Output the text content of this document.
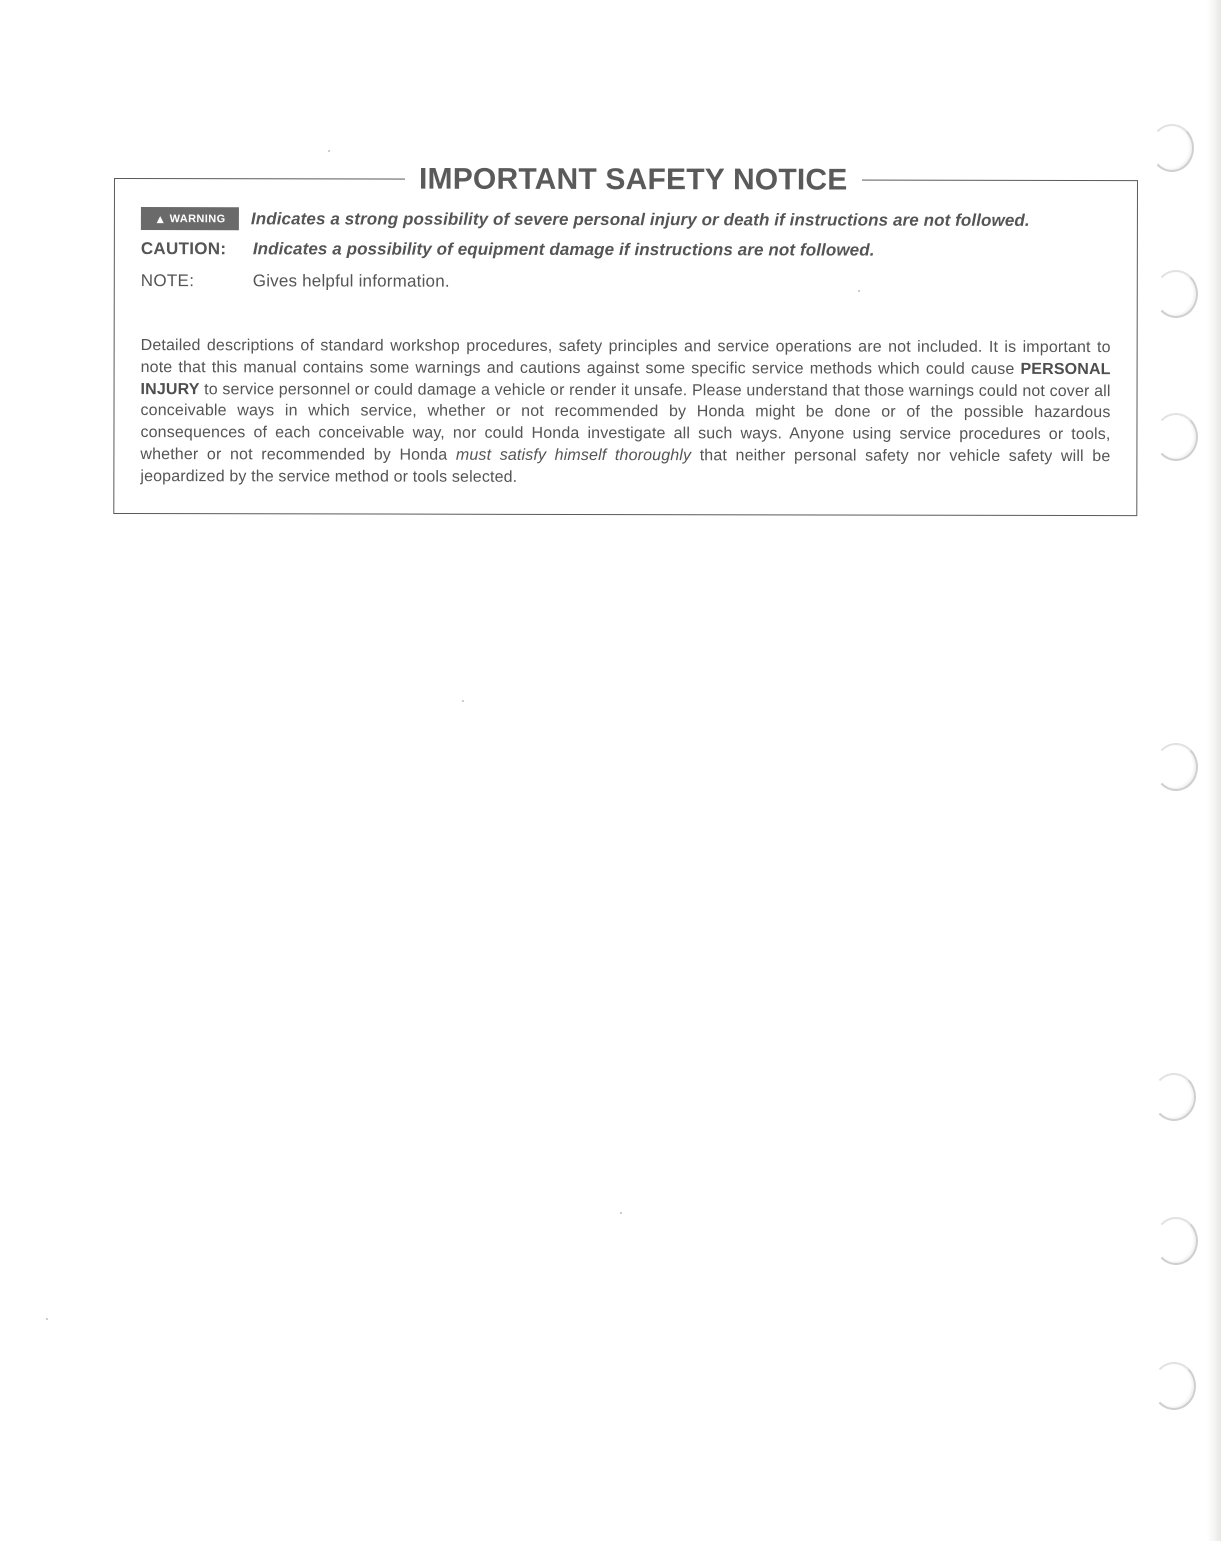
IMPORTANT SAFETY NOTICE
▲ WARNING Indicates a strong possibility of severe personal injury or death if instructions are not followed.
CAUTION:	Indicates a possibility of equipment damage if instructions are not followed.
NOTE:	Gives helpful information.

Detailed descriptions of standard workshop procedures, safety principles and service operations are not included. It is important to note that this manual contains some warnings and cautions against some specific service methods which could cause PERSONAL INJURY to service personnel or could damage a vehicle or render it unsafe. Please understand that those warnings could not cover all conceivable ways in which service, whether or not recommended by Honda might be done or of the possible hazardous consequences of each conceivable way, nor could Honda investigate all such ways. Anyone using service procedures or tools, whether or not recommended by Honda must satisfy himself thoroughly that neither personal safety nor vehicle safety will be jeopardized by the service method or tools selected.
